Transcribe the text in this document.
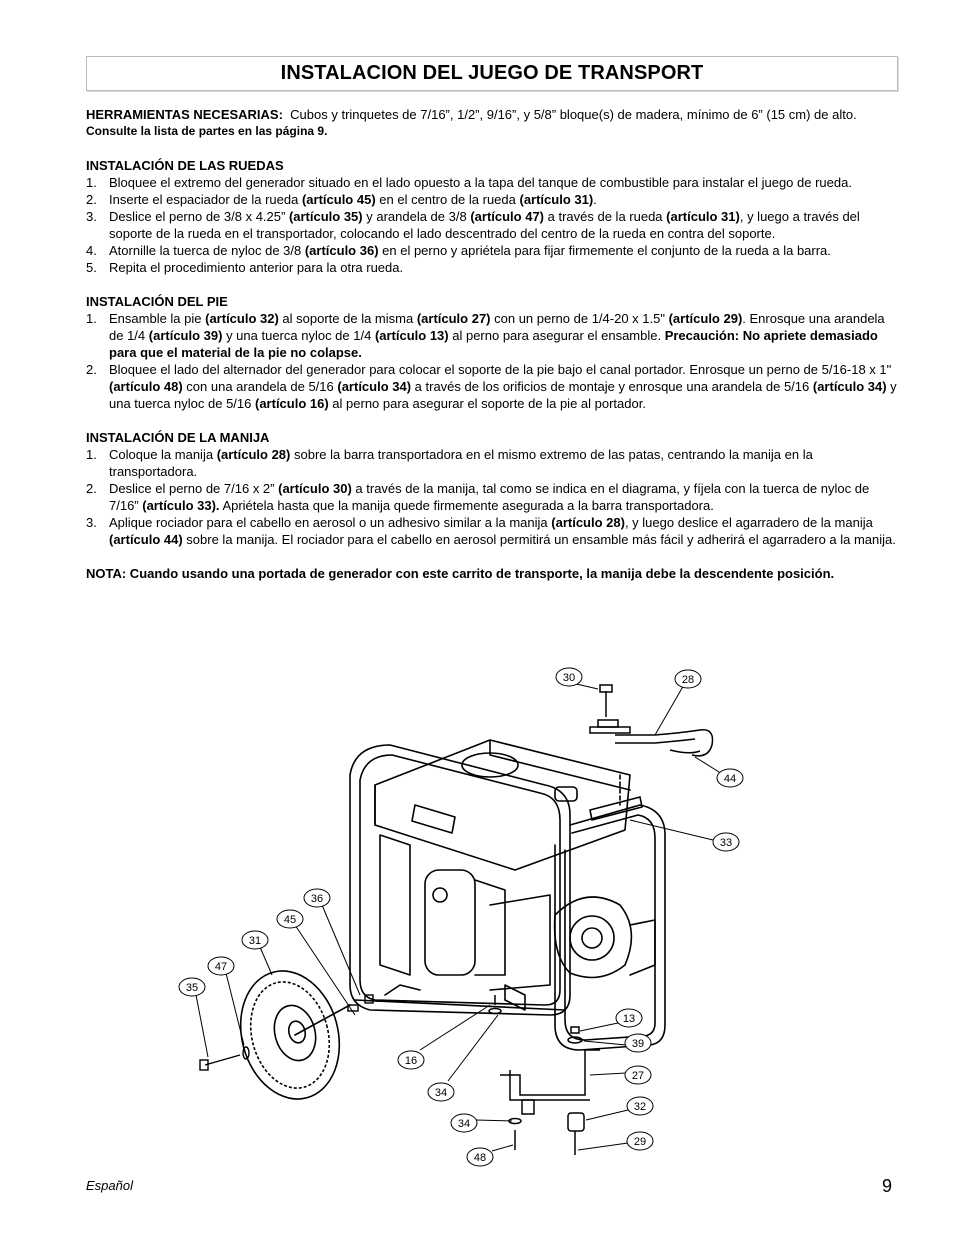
INSTALACION DEL JUEGO DE TRANSPORT

HERRAMIENTAS NECESARIAS: Cubos y trinquetes de 7/16”, 1/2”, 9/16”, y 5/8” bloque(s) de madera, mínimo de 6” (15 cm) de alto.

Consulte la lista de partes en las página 9.

INSTALACIÓN DE LAS RUEDAS

1. Bloquee el extremo del generador situado en el lado opuesto a la tapa del tanque de combustible para instalar el juego de rueda.
2. Inserte el espaciador de la rueda (artículo 45) en el centro de la rueda (artículo 31).
3. Deslice el perno de 3/8 x 4.25” (artículo 35) y arandela de 3/8 (artículo 47) a través de la rueda (artículo 31), y luego a través del soporte de la rueda en el transportador, colocando el lado descentrado del centro de la rueda en contra del soporte.
4. Atornille la tuerca de nyloc de 3/8 (artículo 36) en el perno y apriétela para fijar firmemente el conjunto de la rueda a la barra.
5. Repita el procedimiento anterior para la otra rueda.

INSTALACIÓN DEL PIE

1. Ensamble la pie (artículo 32) al soporte de la misma (artículo 27) con un perno de 1/4-20 x 1.5" (artículo 29). Enrosque una arandela de 1/4 (artículo 39) y una tuerca nyloc de 1/4 (artículo 13) al perno para asegurar el ensamble. Precaución: No apriete demasiado para que el material de la pie no colapse.
2. Bloquee el lado del alternador del generador para colocar el soporte de la pie bajo el canal portador. Enrosque un perno de 5/16-18 x 1" (artículo 48) con una arandela de 5/16 (artículo 34) a través de los orificios de montaje y enrosque una arandela de 5/16 (artículo 34) y una tuerca nyloc de 5/16 (artículo 16) al perno para asegurar el soporte de la pie al portador.

INSTALACIÓN DE LA MANIJA

1. Coloque la manija (artículo 28) sobre la barra transportadora en el mismo extremo de las patas, centrando la manija en la transportadora.
2. Deslice el perno de 7/16 x 2” (artículo 30) a través de la manija, tal como se indica en el diagrama, y fíjela con la tuerca de nyloc de 7/16” (artículo 33). Apriétela hasta que la manija quede firmemente asegurada a la barra transportadora.
3. Aplique rociador para el cabello en aerosol o un adhesivo similar a la manija (artículo 28), y luego deslice el agarradero de la manija (artículo 44) sobre la manija. El rociador para el cabello en aerosol permitirá un ensamble más fácil y adherirá el agarradero a la manija.

NOTA: Cuando usando una portada de generador con este carrito de transporte, la manija debe la descendente posición.

30	28
44
33
36
45
31
47
35
13
39
27
32
29
16
34
34
48
Español	9
